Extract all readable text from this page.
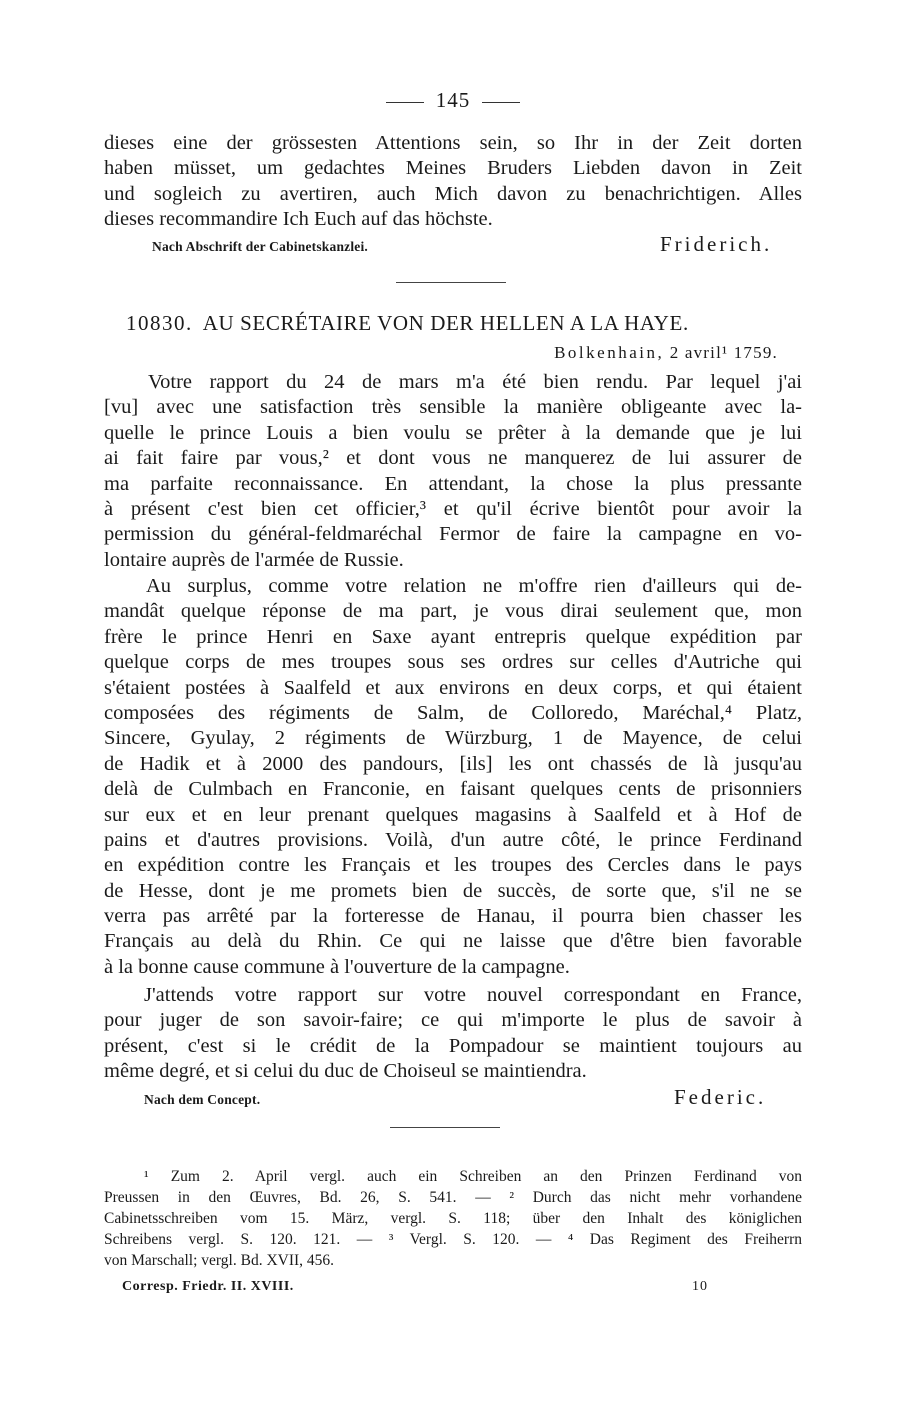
145
dieses eine der grössesten Attentions sein, so Ihr in der Zeit dorten
haben müsset, um gedachtes Meines Bruders Liebden davon in Zeit
und sogleich zu avertiren, auch Mich davon zu benachrichtigen. Alles
dieses recommandire Ich Euch auf das höchste.
Nach Abschrift der Cabinetskanzlei.	Friderich.
10830. AU SECRÉTAIRE VON DER HELLEN A LA HAYE.
Bolkenhain, 2 avril¹ 1759.
Votre rapport du 24 de mars m'a été bien rendu. Par lequel j'ai
[vu] avec une satisfaction très sensible la manière obligeante avec la-
quelle le prince Louis a bien voulu se prêter à la demande que je lui
ai fait faire par vous,² et dont vous ne manquerez de lui assurer de
ma parfaite reconnaissance. En attendant, la chose la plus pressante
à présent c'est bien cet officier,³ et qu'il écrive bientôt pour avoir la
permission du général-feldmaréchal Fermor de faire la campagne en vo-
lontaire auprès de l'armée de Russie.
Au surplus, comme votre relation ne m'offre rien d'ailleurs qui de-
mandât quelque réponse de ma part, je vous dirai seulement que, mon
frère le prince Henri en Saxe ayant entrepris quelque expédition par
quelque corps de mes troupes sous ses ordres sur celles d'Autriche qui
s'étaient postées à Saalfeld et aux environs en deux corps, et qui étaient
composées des régiments de Salm, de Colloredo, Maréchal,⁴ Platz,
Sincere, Gyulay, 2 régiments de Würzburg, 1 de Mayence, de celui
de Hadik et à 2000 des pandours, [ils] les ont chassés de là jusqu'au
delà de Culmbach en Franconie, en faisant quelques cents de prisonniers
sur eux et en leur prenant quelques magasins à Saalfeld et à Hof de
pains et d'autres provisions. Voilà, d'un autre côté, le prince Ferdinand
en expédition contre les Français et les troupes des Cercles dans le pays
de Hesse, dont je me promets bien de succès, de sorte que, s'il ne se
verra pas arrêté par la forteresse de Hanau, il pourra bien chasser les
Français au delà du Rhin. Ce qui ne laisse que d'être bien favorable
à la bonne cause commune à l'ouverture de la campagne.
J'attends votre rapport sur votre nouvel correspondant en France,
pour juger de son savoir-faire; ce qui m'importe le plus de savoir à
présent, c'est si le crédit de la Pompadour se maintient toujours au
même degré, et si celui du duc de Choiseul se maintiendra.
Nach dem Concept.	Federic.
¹ Zum 2. April vergl. auch ein Schreiben an den Prinzen Ferdinand von
Preussen in den Œuvres, Bd. 26, S. 541. — ² Durch das nicht mehr vorhandene
Cabinetsschreiben vom 15. März, vergl. S. 118; über den Inhalt des königlichen
Schreibens vergl. S. 120. 121. — ³ Vergl. S. 120. — ⁴ Das Regiment des Freiherrn
von Marschall; vergl. Bd. XVII, 456.
Corresp. Friedr. II. XVIII.	10
